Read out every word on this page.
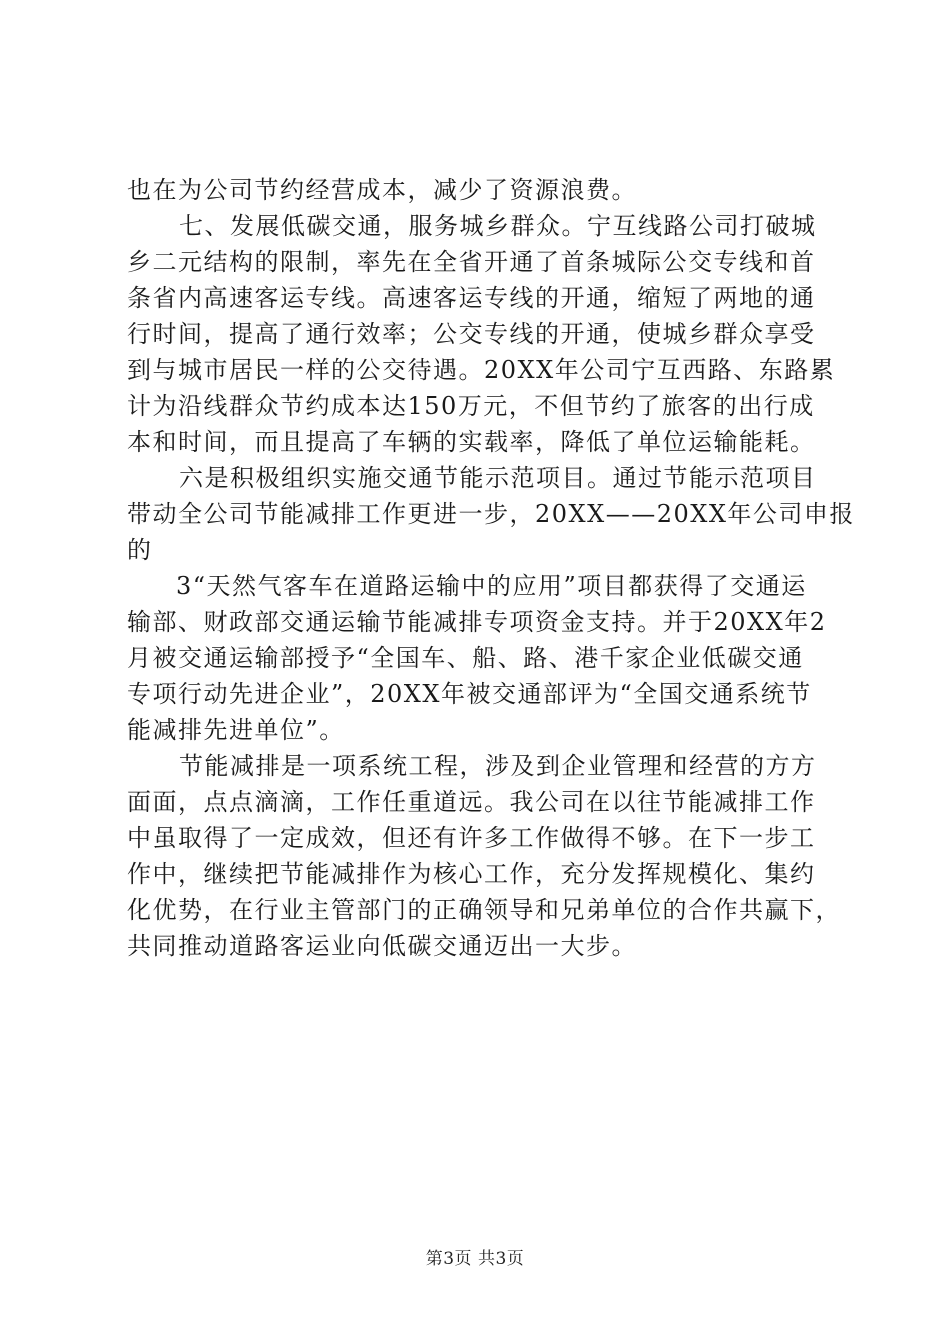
也在为公司节约经营成本，减少了资源浪费。
七、发展低碳交通，服务城乡群众。宁互线路公司打破城
乡二元结构的限制，率先在全省开通了首条城际公交专线和首
条省内高速客运专线。高速客运专线的开通，缩短了两地的通
行时间，提高了通行效率；公交专线的开通，使城乡群众享受
到与城市居民一样的公交待遇。20XX年公司宁互西路、东路累
计为沿线群众节约成本达150万元，不但节约了旅客的出行成
本和时间，而且提高了车辆的实载率，降低了单位运输能耗。
六是积极组织实施交通节能示范项目。通过节能示范项目
带动全公司节能减排工作更进一步，20XX——20XX年公司申报
的
3“天然气客车在道路运输中的应用”项目都获得了交通运
输部、财政部交通运输节能减排专项资金支持。并于20XX年2
月被交通运输部授予“全国车、船、路、港千家企业低碳交通
专项行动先进企业”，20XX年被交通部评为“全国交通系统节
能减排先进单位”。
节能减排是一项系统工程，涉及到企业管理和经营的方方
面面，点点滴滴，工作任重道远。我公司在以往节能减排工作
中虽取得了一定成效，但还有许多工作做得不够。在下一步工
作中，继续把节能减排作为核心工作，充分发挥规模化、集约
化优势，在行业主管部门的正确领导和兄弟单位的合作共赢下，
共同推动道路客运业向低碳交通迈出一大步。
第3页 共3页
